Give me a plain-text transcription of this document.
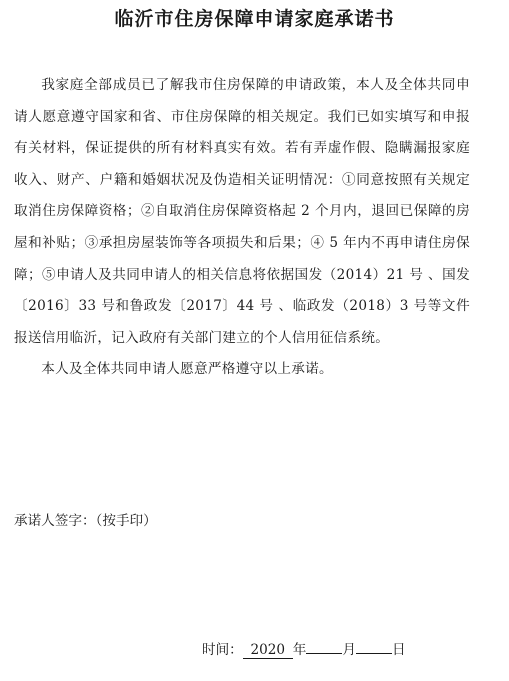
临沂市住房保障申请家庭承诺书

我家庭全部成员已了解我市住房保障的申请政策，本人及全体共同申请人愿意遵守国家和省、市住房保障的相关规定。我们已如实填写和申报有关材料，保证提供的所有材料真实有效。若有弄虚作假、隐瞒漏报家庭收入、财产、户籍和婚姻状况及伪造相关证明情况：①同意按照有关规定取消住房保障资格；②自取消住房保障资格起 2 个月内，退回已保障的房屋和补贴；③承担房屋装饰等各项损失和后果；④ 5 年内不再申请住房保障；⑤申请人及共同申请人的相关信息将依据国发（2014）21 号 、国发〔2016〕33 号和鲁政发〔2017〕44 号 、临政发（2018）3 号等文件报送信用临沂，记入政府有关部门建立的个人信用征信系统。

本人及全体共同申请人愿意严格遵守以上承诺。

承诺人签字：（按手印）
时间： 2020 年	月	日
